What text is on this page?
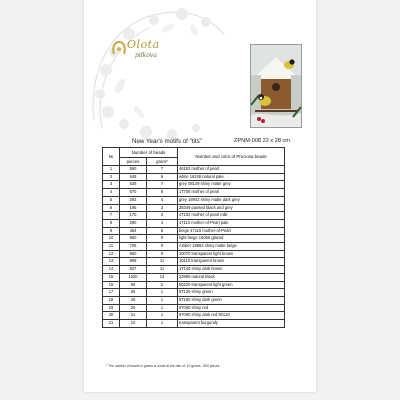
Olota
pdkova
New Year's motifs of "tits"	ZPNM-008 22 x 28 cm
№	Number of beads		Number and color of Preciosa beads
	pieces	gram*	
1	560	7	46102 mother of pearl
2	648	9	white 16249 natural pale
3	528	7	grey 08149 shiny matte grey
4	570	8	17708 mother of pearl
5	292	4	grey 18942 shiny matte dark grey
6	195	3	38349 painted black and grey
7	170	3	47102 mother of pearl milk
8	290	4	47113 mother-of-Pearl pale
9	454	6	beige 47115 mother-of-Pearl
10	650	9	light beige 16050 glazed
11	705	9	Amber 18983 shiny matte beige
12	650	9	10070 transparent light brown
13	808	11	10110 transparent brown
14	837	11	17140 shiny dark brown
15	1020	13	23980 natural black
16	96	2	50220 transparent light green
17	60	1	57130 shiny green
18	40	1	57180 shiny dark green
19	20	1	97060 shiny red
20	31	1	97060 shiny dark red 90120
21	10	1	transparent burgundy
* The number of beads in grams is made at the rate of: 10 grams - 800 pieces
